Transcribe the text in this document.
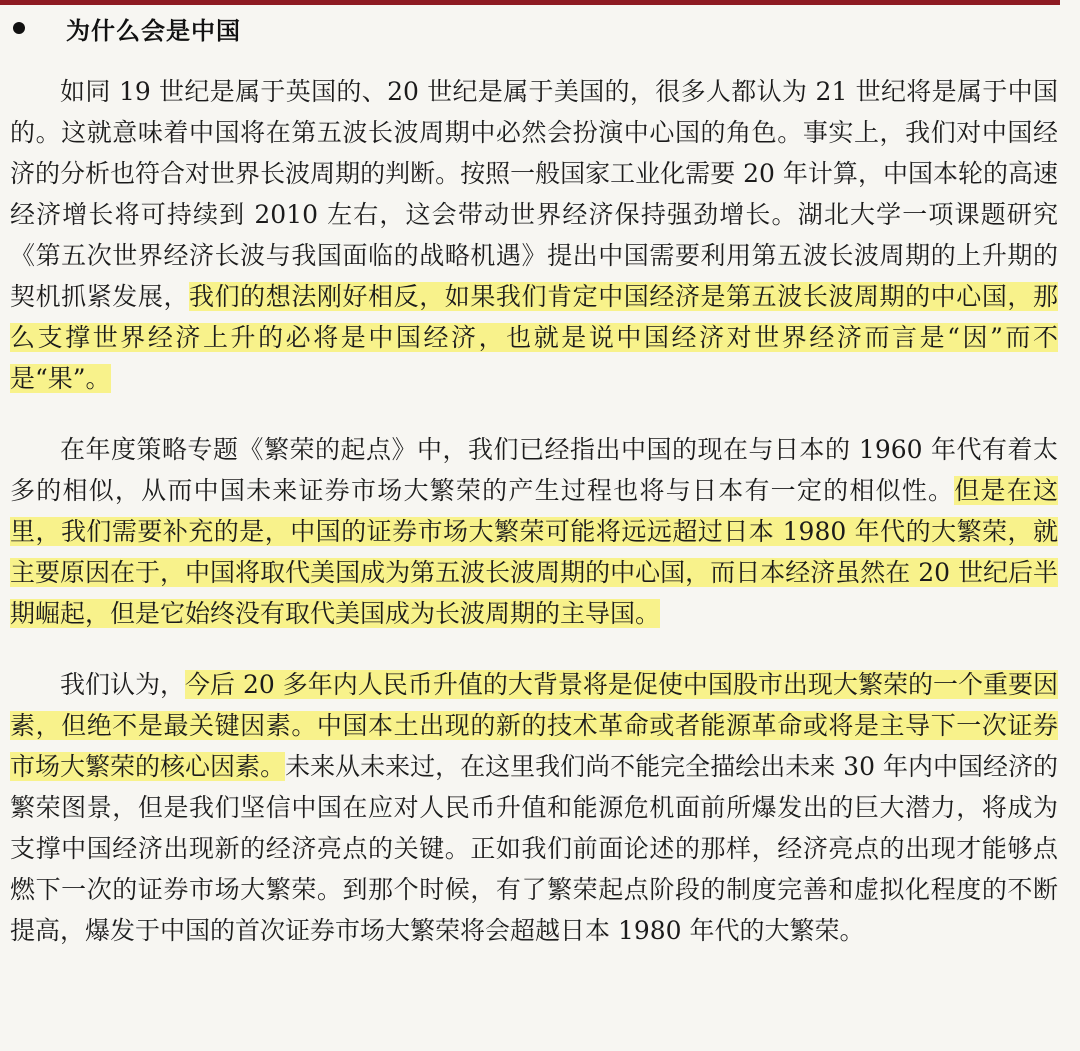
为什么会是中国

如同 19 世纪是属于英国的、20 世纪是属于美国的，很多人都认为 21 世纪将是属于中国的。这就意味着中国将在第五波长波周期中必然会扮演中心国的角色。事实上，我们对中国经济的分析也符合对世界长波周期的判断。按照一般国家工业化需要 20 年计算，中国本轮的高速经济增长将可持续到 2010 左右，这会带动世界经济保持强劲增长。湖北大学一项课题研究《第五次世界经济长波与我国面临的战略机遇》提出中国需要利用第五波长波周期的上升期的契机抓紧发展，我们的想法刚好相反，如果我们肯定中国经济是第五波长波周期的中心国，那么支撑世界经济上升的必将是中国经济，也就是说中国经济对世界经济而言是“因”而不是“果”。

在年度策略专题《繁荣的起点》中，我们已经指出中国的现在与日本的 1960 年代有着太多的相似，从而中国未来证券市场大繁荣的产生过程也将与日本有一定的相似性。但是在这里，我们需要补充的是，中国的证券市场大繁荣可能将远远超过日本 1980 年代的大繁荣，就主要原因在于，中国将取代美国成为第五波长波周期的中心国，而日本经济虽然在 20 世纪后半期崛起，但是它始终没有取代美国成为长波周期的主导国。

我们认为，今后 20 多年内人民币升值的大背景将是促使中国股市出现大繁荣的一个重要因素，但绝不是最关键因素。中国本土出现的新的技术革命或者能源革命或将是主导下一次证券市场大繁荣的核心因素。未来从未来过，在这里我们尚不能完全描绘出未来 30 年内中国经济的繁荣图景，但是我们坚信中国在应对人民币升值和能源危机面前所爆发出的巨大潜力，将成为支撑中国经济出现新的经济亮点的关键。正如我们前面论述的那样，经济亮点的出现才能够点燃下一次的证券市场大繁荣。到那个时候，有了繁荣起点阶段的制度完善和虚拟化程度的不断提高，爆发于中国的首次证券市场大繁荣将会超越日本 1980 年代的大繁荣。
